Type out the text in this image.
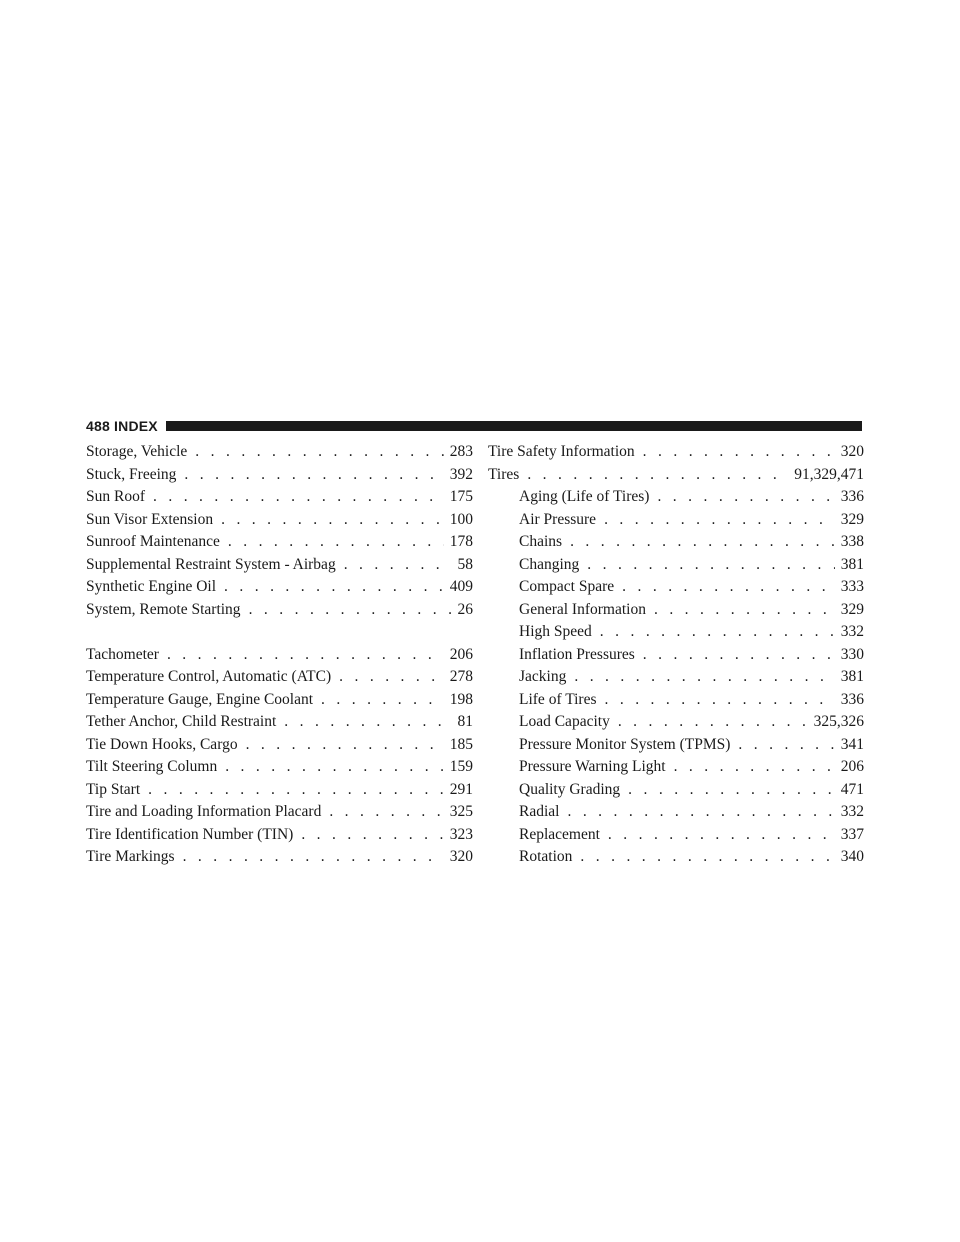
488 INDEX
Storage, Vehicle . . .	283
Stuck, Freeing . . .	392
Sun Roof . . .	175
Sun Visor Extension . . .	100
Sunroof Maintenance . . .	178
Supplemental Restraint System - Airbag . . .	58
Synthetic Engine Oil . . .	409
System, Remote Starting . . .	26
Tachometer . . .	206
Temperature Control, Automatic (ATC) . . .	278
Temperature Gauge, Engine Coolant . . .	198
Tether Anchor, Child Restraint . . .	81
Tie Down Hooks, Cargo . . .	185
Tilt Steering Column . . .	159
Tip Start . . .	291
Tire and Loading Information Placard . . .	325
Tire Identification Number (TIN) . . .	323
Tire Markings . . .	320
Tire Safety Information . . .	320
Tires . . .	91,329,471
Aging (Life of Tires) . . .	336
Air Pressure . . .	329
Chains . . .	338
Changing . . .	381
Compact Spare . . .	333
General Information . . .	329
High Speed . . .	332
Inflation Pressures . . .	330
Jacking . . .	381
Life of Tires . . .	336
Load Capacity . . .	325,326
Pressure Monitor System (TPMS) . . .	341
Pressure Warning Light . . .	206
Quality Grading . . .	471
Radial . . .	332
Replacement . . .	337
Rotation . . .	340
